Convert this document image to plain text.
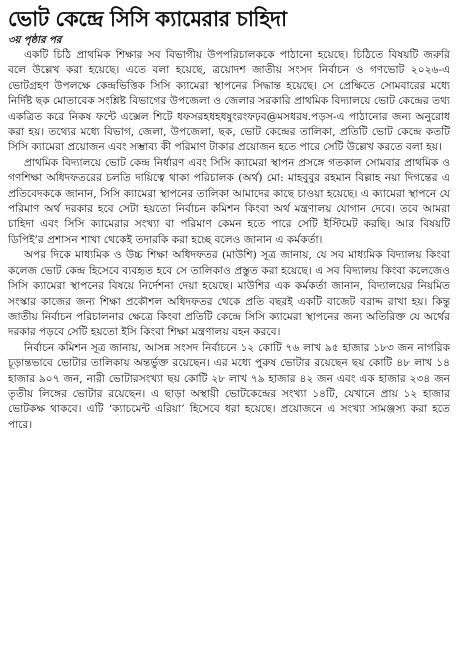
ভোট কেন্দ্রে সিসি ক্যামেরার চাহিদা
৩য় পৃষ্ঠার পর

একটি চিঠি প্রাথমিক শিক্ষার সব বিভাগীয় উপপরিচালককে পাঠানো হয়েছে। চিঠিতে বিষয়টি জরুরি বলে উল্লেখ করা হয়েছে। এতে বলা হয়েছে, ত্রয়োদশ জাতীয় সংসদ নির্বাচন ও গণভোট ২০২৬-এ ভোটগ্রহণ উপলক্ষে কেন্দ্রভিত্তিক সিসি ক্যামেরা স্থাপনের সিদ্ধান্ত হয়েছে। সে প্রেক্ষিতে সোমবারের মধ্যে নির্দিষ্ট ছক মোতাবেক সংশ্লিষ্ট বিভাগের উপজেলা ও জেলার সরকারি প্রাথমিক বিদ্যালয়ে ভোট কেন্দ্রের তথ্য একত্রিত করে নিকষ ফন্টে এক্সেল শিটে ধফসরহধহধষুংরংফঢ়ব@মসধরষ.পড়স-এ পাঠানোর জন্য অনুরোধ করা হয়। তথ্যের মধ্যে বিভাগ, জেলা, উপজেলা, ছক, ভোট কেন্দ্রের তালিকা, প্রতিটি ভোট কেন্দ্রে কতটি সিসি ক্যামেরা প্রয়োজন এবং সম্ভাব্য কী পরিমাণ টাকার প্রয়োজন হতে পারে সেটি উল্লেখ করতে বলা হয়।

প্রাথমিক বিদ্যালয়ে ভোট কেন্দ্র নির্ধারণ এবং সিসি ক্যামেরা স্থাপন প্রসঙ্গে গতকাল সোমবার প্রাথমিক ও গণশিক্ষা অধিদফতরের চলতি দায়িত্বে থাকা পরিচালক (অর্থ) মো: মাহবুবুর রহমান বিল্লাহ নয়া দিগন্তের এ প্রতিবেদককে জানান, সিসি ক্যামেরা স্থাপনের তালিকা আমাদের কাছে চাওয়া হয়েছে। এ ক্যামেরা স্থাপনে যে পরিমাণ অর্থ দরকার হবে সেটা হয়তো নির্বাচন কমিশন কিংবা অর্থ মন্ত্রণালয় যোগান দেবে। তবে আমরা চাহিদা এবং সিসি ক্যামেরার সংখ্যা বা পরিমাণ কেমন হতে পারে সেটি ইস্টিমেট করছি। আর বিষয়টি ডিপিই’র প্রশাসন শাখা থেকেই তদারকি করা হচ্ছে বলেও জানান এ কর্মকর্তা।

অপর দিকে মাধ্যমিক ও উচ্চ শিক্ষা অধিদফতর (মাউশি) সূত্র জানায়, যে সব মাধ্যমিক বিদ্যালয় কিংবা কলেজ ভোট কেন্দ্র হিসেবে ব্যবহৃত হবে সে তালিকাও প্রস্তুত করা হয়েছে। এ সব বিদ্যালয় কিংবা কলেজেও সিসি ক্যামেরা স্থাপনের বিষয়ে নির্দেশনা দেয়া হয়েছে। মাউশির এক কর্মকর্তা জানান, বিদ্যালয়ের নিয়মিত সংস্কার কাজের জন্য শিক্ষা প্রকৌশল অধিদফতর থেকে প্রতি বছরই একটি বাজেট বরাদ্দ রাখা হয়। কিন্তু জাতীয় নির্বাচন পরিচালনার ক্ষেত্রে কিংবা প্রতিটি কেন্দ্রে সিসি ক্যামেরা স্থাপনের জন্য অতিরিক্ত যে অর্থের দরকার পড়বে সেটি হয়তো ইসি কিংবা শিক্ষা মন্ত্রণালয় বহন করবে।

নির্বাচন কমিশন সূত্র জানায়, আসন্ন সংসদ নির্বাচনে ১২ কোটি ৭৬ লাখ ৯৫ হাজার ১৮৩ জন নাগরিক চূড়ান্তভাবে ভোটার তালিকায় অন্তর্ভুক্ত রয়েছেন। এর মধ্যে পুরুষ ভোটার রয়েছেন ছয় কোটি ৪৮ লাখ ১৪ হাজার ৯০৭ জন, নারী ভোটারসংখ্যা ছয় কোটি ২৮ লাখ ৭৯ হাজার ৪২ জন এবং এক হাজার ২৩৪ জন তৃতীয় লিঙ্গের ভোটার রয়েছেন। এ ছাড়া অস্থায়ী ভোটকেন্দ্রের সংখ্যা ১৪টি, যেখানে প্রায় ১২ হাজার ভোটকক্ষ থাকবে। এটি ‘ক্যাচমেন্ট এরিয়া’ হিসেবে ধরা হয়েছে। প্রয়োজনে এ সংখ্যা সামঞ্জস্য করা হতে পারে।
